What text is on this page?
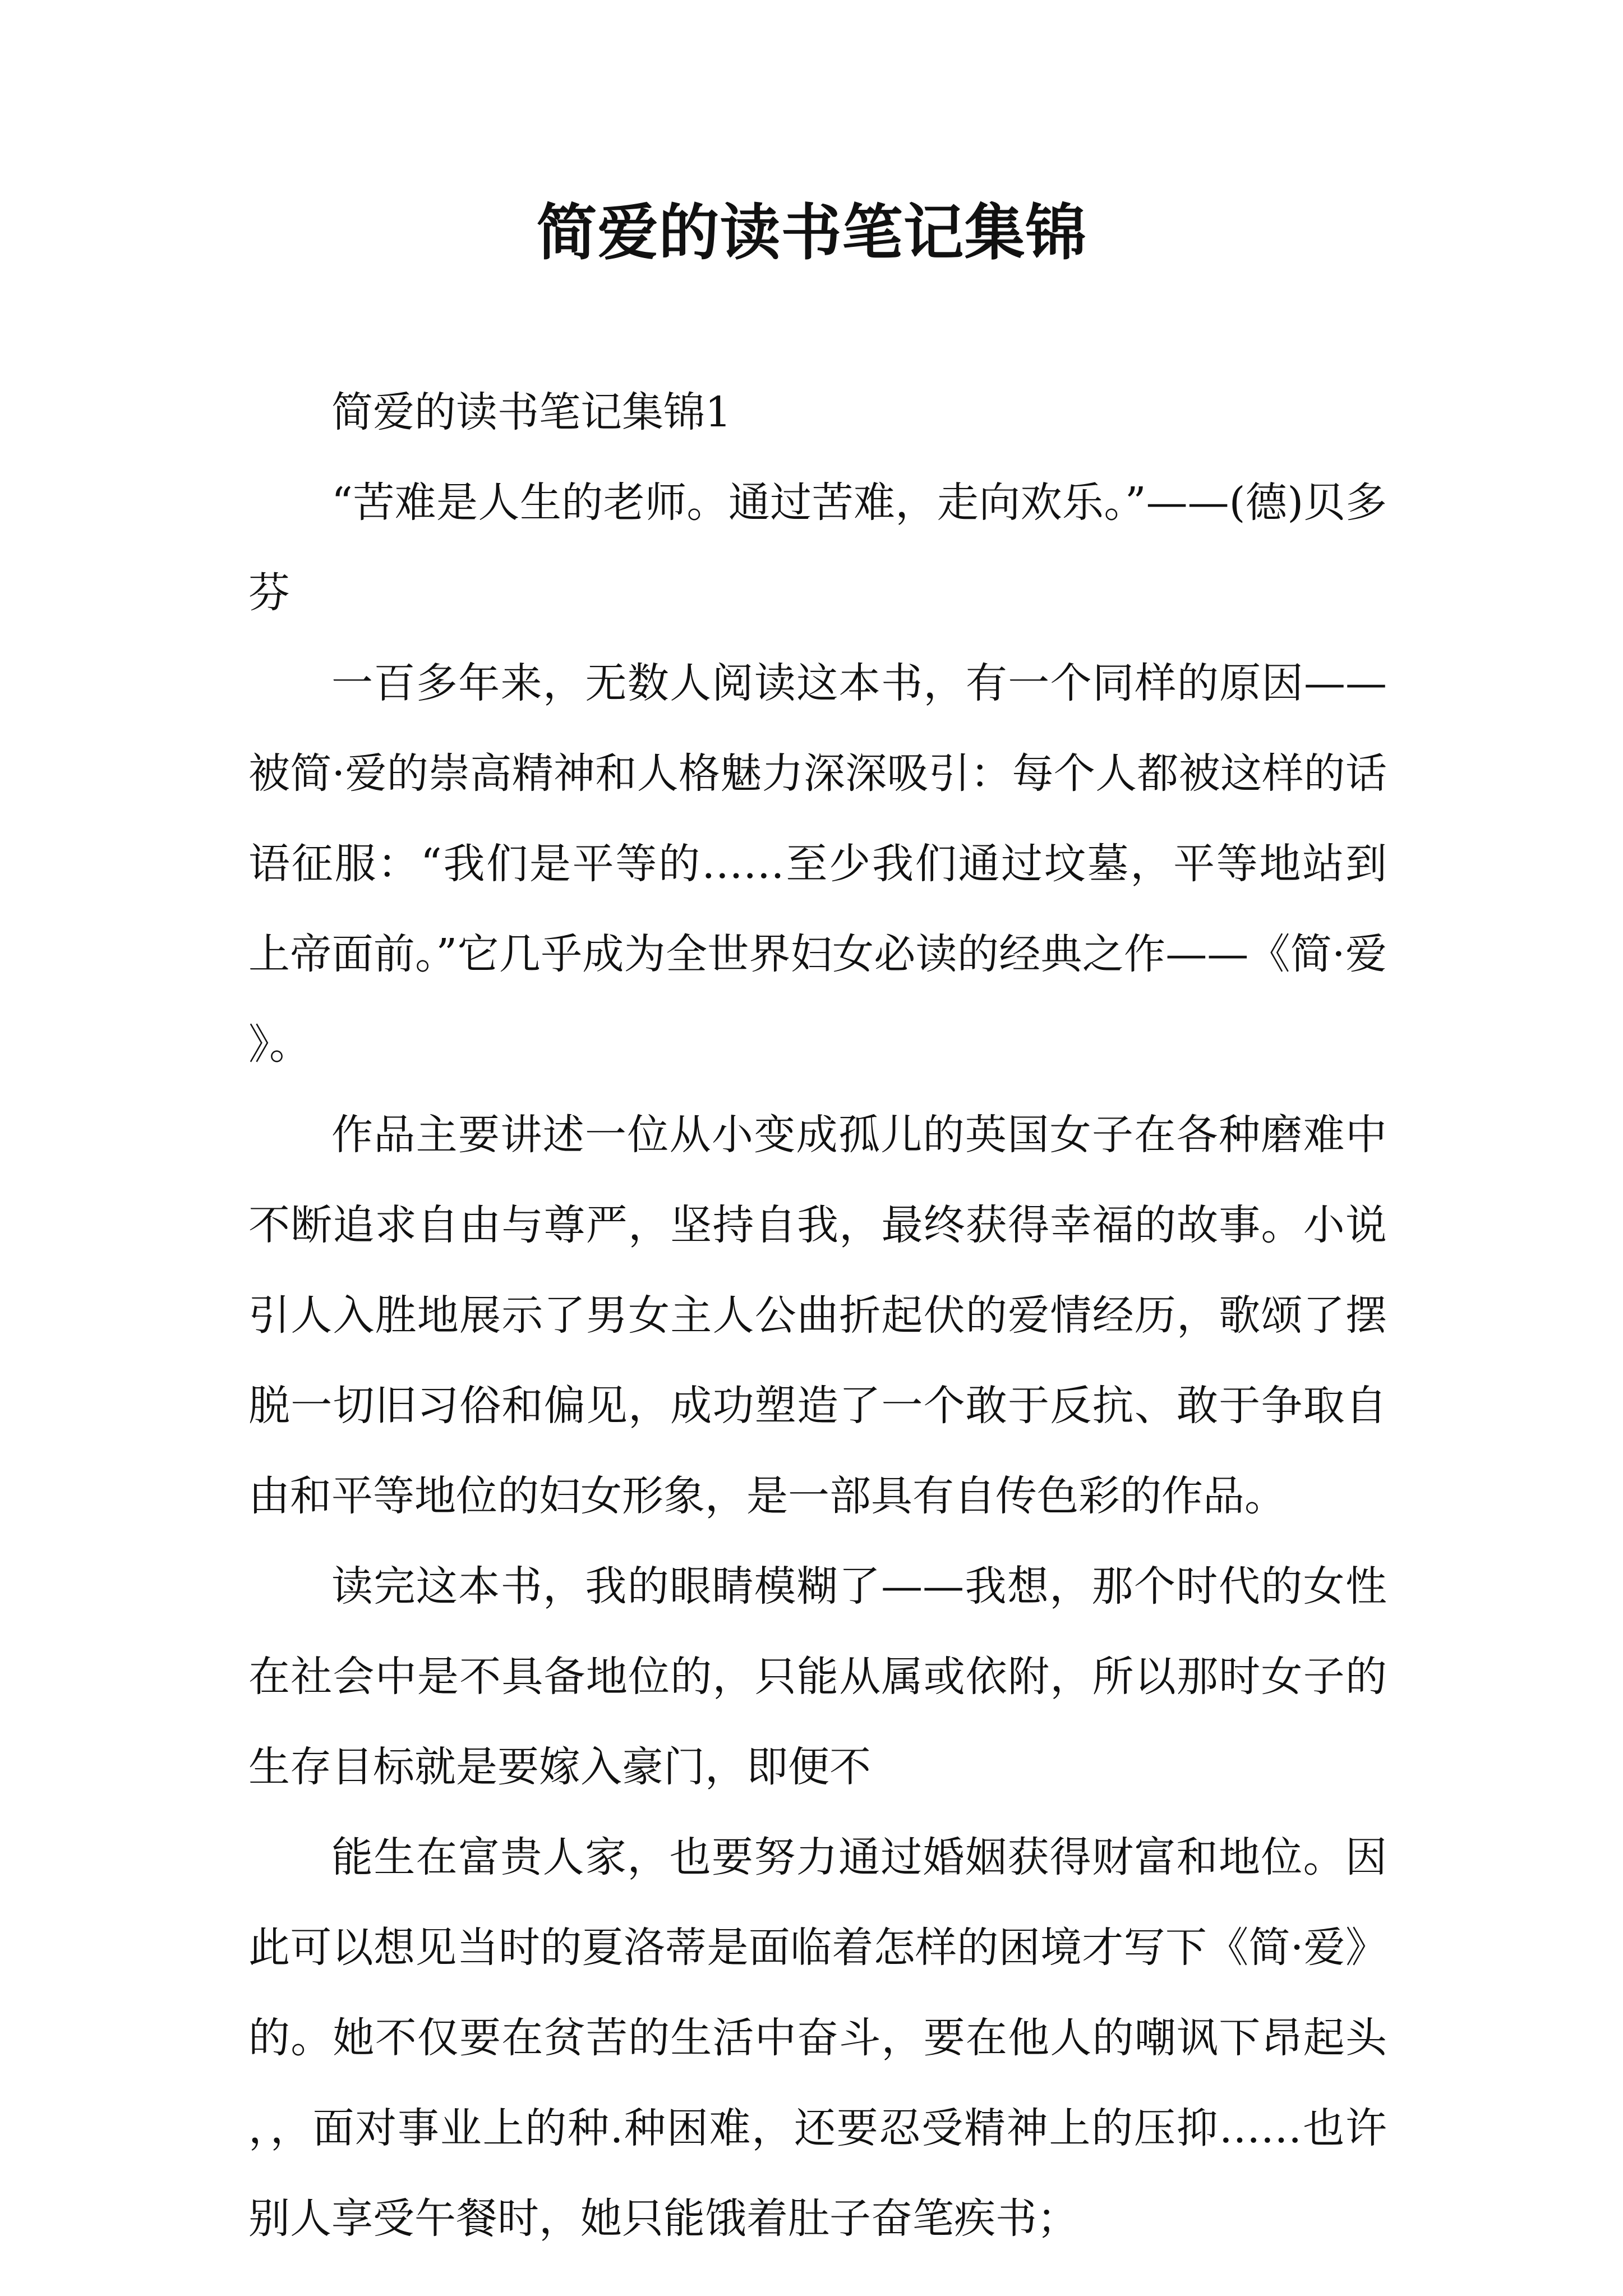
简爱的读书笔记集锦

简爱的读书笔记集锦1

“苦难是人生的老师。通过苦难，走向欢乐。”——(德)贝多芬

一百多年来，无数人阅读这本书，有一个同样的原因——被简·爱的崇高精神和人格魅力深深吸引：每个人都被这样的话语征服：“我们是平等的……至少我们通过坟墓，平等地站到上帝面前。”它几乎成为全世界妇女必读的经典之作——《简·爱》。

作品主要讲述一位从小变成孤儿的英国女子在各种磨难中不断追求自由与尊严，坚持自我，最终获得幸福的故事。小说引人入胜地展示了男女主人公曲折起伏的爱情经历，歌颂了摆脱一切旧习俗和偏见，成功塑造了一个敢于反抗、敢于争取自由和平等地位的妇女形象，是一部具有自传色彩的作品。

读完这本书，我的眼睛模糊了——我想，那个时代的女性在社会中是不具备地位的，只能从属或依附，所以那时女子的生存目标就是要嫁入豪门，即便不

能生在富贵人家，也要努力通过婚姻获得财富和地位。因此可以想见当时的夏洛蒂是面临着怎样的困境才写下《简·爱》的。她不仅要在贫苦的生活中奋斗，要在他人的嘲讽下昂起头，，面对事业上的种.种困难，还要忍受精神上的压抑……也许别人享受午餐时，她只能饿着肚子奋笔疾书；
